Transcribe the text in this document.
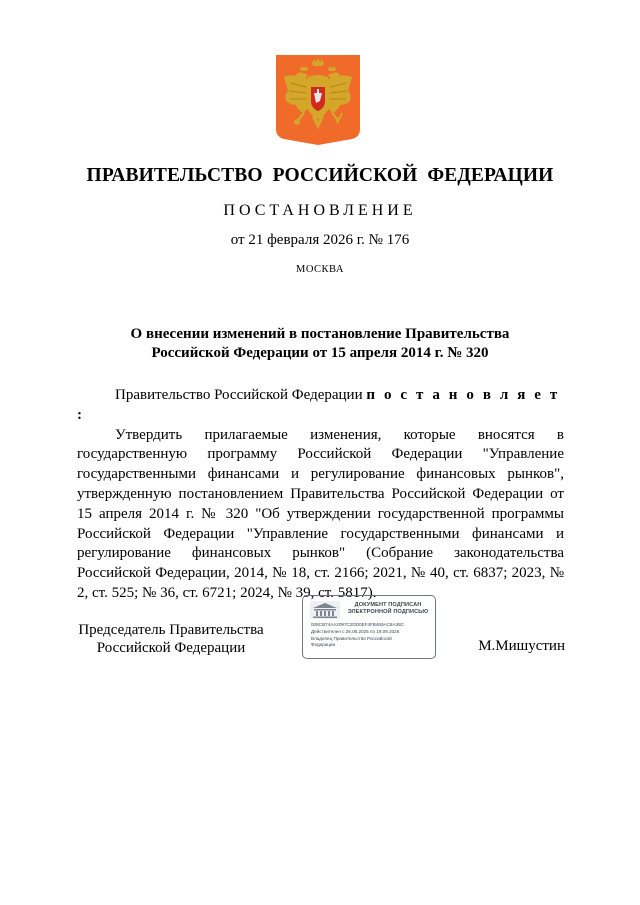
ПРАВИТЕЛЬСТВО РОССИЙСКОЙ ФЕДЕРАЦИИ
ПОСТАНОВЛЕНИЕ
от 21 февраля 2026 г. № 176
МОСКВА
О внесении изменений в постановление Правительства
Российской Федерации от 15 апреля 2014 г. № 320

Правительство Российской Федерации п о с т а н о в л я е т :

Утвердить прилагаемые изменения, которые вносятся в государственную программу Российской Федерации "Управление государственными финансами и регулирование финансовых рынков", утвержденную постановлением Правительства Российской Федерации от 15 апреля 2014 г. № 320 "Об утверждении государственной программы Российской Федерации "Управление государственными финансами и регулирование финансовых рынков" (Собрание законодательства Российской Федерации, 2014, № 18, ст. 2166; 2021, № 40, ст. 6837; 2023, № 2, ст. 525; № 36, ст. 6721; 2024, № 39, ст. 5817).

Председатель Правительства
Российской Федерации
ДОКУМЕНТ ПОДПИСАН
ЭЛЕКТРОННОЙ ПОДПИСЬЮ
008CB74AA2097C2DD0EF4FB469AC8A38C
Действителен с 26.06.2025 по 19.09.2026
Владелец Правительство Российской
Федерации	М.Мишустин
